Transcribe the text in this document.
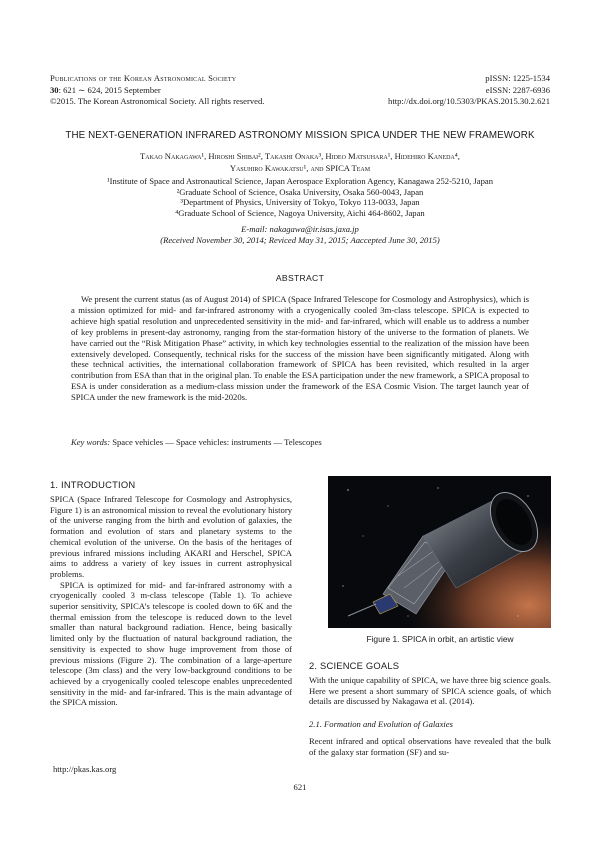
Publications of the Korean Astronomical Society
30: 621 ∼ 624, 2015 September
©2015. The Korean Astronomical Society. All rights reserved.
pISSN: 1225-1534
eISSN: 2287-6936
http://dx.doi.org/10.5303/PKAS.2015.30.2.621
THE NEXT-GENERATION INFRARED ASTRONOMY MISSION SPICA UNDER THE NEW FRAMEWORK
Takao Nakagawa¹, Hiroshi Shibai², Takashi Onaka³, Hideo Matsuhara¹, Hidehiro Kaneda⁴,
Yasuhiro Kawakatsu¹, and SPICA Team
¹Institute of Space and Astronautical Science, Japan Aerospace Exploration Agency, Kanagawa 252-5210, Japan
²Graduate School of Science, Osaka University, Osaka 560-0043, Japan
³Department of Physics, University of Tokyo, Tokyo 113-0033, Japan
⁴Graduate School of Science, Nagoya University, Aichi 464-8602, Japan
E-mail: nakagawa@ir.isas.jaxa.jp
(Received November 30, 2014; Reviced May 31, 2015; Aaccepted June 30, 2015)
ABSTRACT
We present the current status (as of August 2014) of SPICA (Space Infrared Telescope for Cosmology and Astrophysics), which is a mission optimized for mid- and far-infrared astronomy with a cryogenically cooled 3m-class telescope. SPICA is expected to achieve high spatial resolution and unprecedented sensitivity in the mid- and far-infrared, which will enable us to address a number of key problems in present-day astronomy, ranging from the star-formation history of the universe to the formation of planets. We have carried out the “Risk Mitigation Phase” activity, in which key technologies essential to the realization of the mission have been extensively developed. Consequently, technical risks for the success of the mission have been significantly mitigated. Along with these technical activities, the international collaboration framework of SPICA has been revisited, which resulted in la arger contribution from ESA than that in the original plan. To enable the ESA participation under the new framework, a SPICA proposal to ESA is under consideration as a medium-class mission under the framework of the ESA Cosmic Vision. The target launch year of SPICA under the new framework is the mid-2020s.
Key words: Space vehicles — Space vehicles: instruments — Telescopes
1. INTRODUCTION

SPICA (Space Infrared Telescope for Cosmology and Astrophysics, Figure 1) is an astronomical mission to reveal the evolutionary history of the universe ranging from the birth and evolution of galaxies, the formation and evolution of stars and planetary systems to the chemical evolution of the universe. On the basis of the heritages of previous infrared missions including AKARI and Herschel, SPICA aims to address a variety of key issues in current astrophysical problems.

SPICA is optimized for mid- and far-infrared astronomy with a cryogenically cooled 3 m-class telescope (Table 1). To achieve superior sensitivity, SPICA’s telescope is cooled down to 6K and the thermal emission from the telescope is reduced down to the level smaller than natural background radiation. Hence, being basically limited only by the fluctuation of natural background radiation, the sensitivity is expected to show huge improvement from those of previous missions (Figure 2). The combination of a large-aperture telescope (3m class) and the very low-background conditions to be achieved by a cryogenically cooled telescope enables unprecedented sensitivity in the mid- and far-infrared. This is the main advantage of the SPICA mission.

Figure 1. SPICA in orbit, an artistic view
2. SCIENCE GOALS

With the unique capability of SPICA, we have three big science goals. Here we present a short summary of SPICA science goals, of which details are discussed by Nakagawa et al. (2014).

2.1. Formation and Evolution of Galaxies

Recent infrared and optical observations have revealed that the bulk of the galaxy star formation (SF) and su-

http://pkas.kas.org
621
